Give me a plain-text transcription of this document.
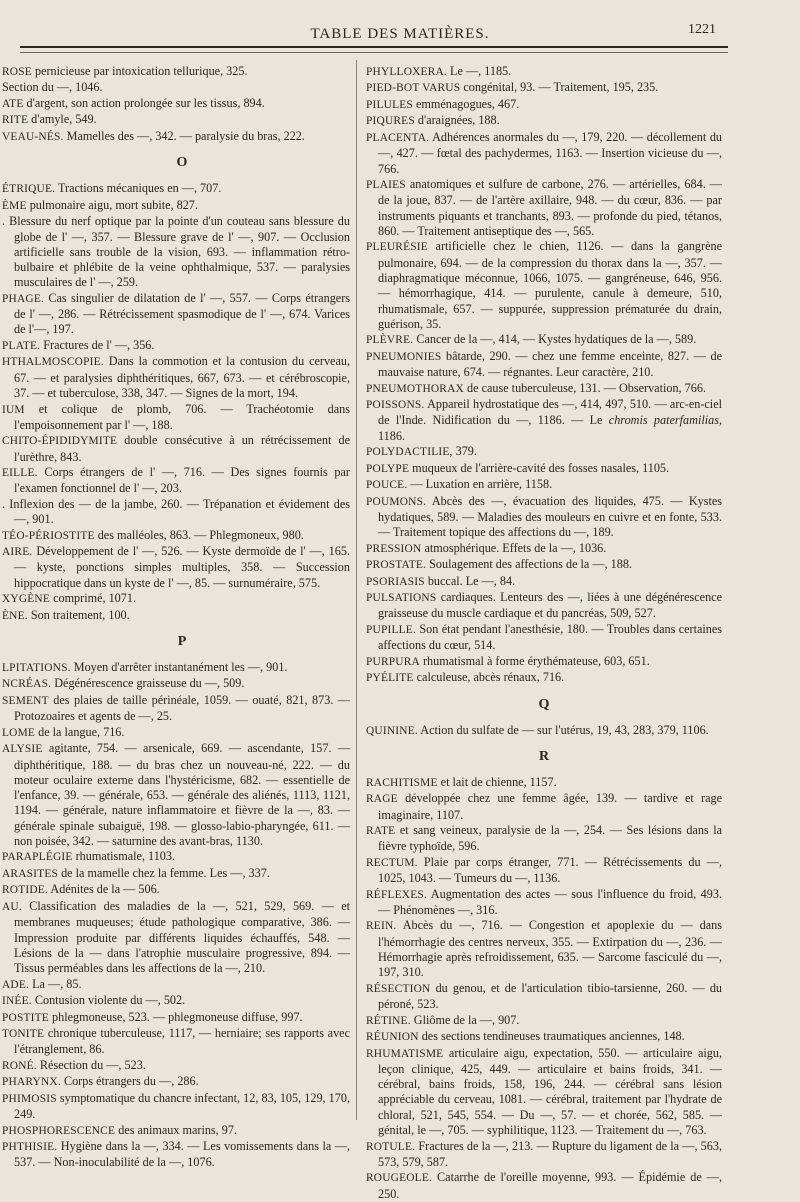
TABLE DES MATIÈRES.	1221

ROSE pernicieuse par intoxication tellurique, 325.

Section du —, 1046.

ATE d'argent, son action prolongée sur les tissus, 894.

RITE d'amyle, 549.

VEAU-NÉS. Mamelles des —, 342. — paralysie du bras, 222.

O

ÉTRIQUE. Tractions mécaniques en —, 707.

ÈME pulmonaire aigu, mort subite, 827.

. Blessure du nerf optique par la pointe d'un couteau sans blessure du globe de l' —, 357. — Blessure grave de l' —, 907. — Occlusion artificielle sans trouble de la vision, 693. — inflammation rétro-bulbaire et phlébite de la veine ophthalmique, 537. — paralysies musculaires de l' —, 259.

PHAGE. Cas singulier de dilatation de l' —, 557. — Corps étrangers de l' —, 286. — Rétrécissement spasmodique de l' —, 674. Varices de l'—, 197.

PLATE. Fractures de l' —, 356.

HTHALMOSCOPIE. Dans la commotion et la contusion du cerveau, 67. — et paralysies diphthéritiques, 667, 673. — et cérébroscopie, 37. — et tuberculose, 338, 347. — Signes de la mort, 194.

IUM et colique de plomb, 706. — Trachéotomie dans l'empoisonnement par l' —, 188.

CHITO-ÉPIDIDYMITE double consécutive à un rétrécissement de l'urèthre, 843.

EILLE. Corps étrangers de l' —, 716. — Des signes fournis par l'examen fonctionnel de l' —, 203.

. Inflexion des — de la jambe, 260. — Trépanation et évidement des —, 901.

TÉO-PÉRIOSTITE des malléoles, 863. — Phlegmoneux, 980.

AIRE. Développement de l' —, 526. — Kyste dermoïde de l' —, 165. — kyste, ponctions simples multiples, 358. — Succession hippocratique dans un kyste de l' —, 85. — surnuméraire, 575.

XYGÈNE comprimé, 1071.

ÈNE. Son traitement, 100.

P

LPITATIONS. Moyen d'arrêter instantanément les —, 901.

NCRÉAS. Dégénérescence graisseuse du —, 509.

SEMENT des plaies de taille périnéale, 1059. — ouaté, 821, 873. — Protozoaires et agents de —, 25.

LOME de la langue, 716.

ALYSIE agitante, 754. — arsenicale, 669. — ascendante, 157. — diphthéritique, 188. — du bras chez un nouveau-né, 222. — du moteur oculaire externe dans l'hystéricisme, 682. — essentielle de l'enfance, 39. — générale, 653. — générale des aliénés, 1113, 1121, 1194. — générale, nature inflammatoire et fièvre de la —, 83. — générale spinale subaiguë, 198. — glosso-labio-pharyngée, 611. — non poisée, 342. — saturnine des avant-bras, 1130.

PARAPLÉGIE rhumatismale, 1103.

ARASITES de la mamelle chez la femme. Les —, 337.

ROTIDE. Adénites de la — 506.

AU. Classification des maladies de la —, 521, 529, 569. — et membranes muqueuses; étude pathologique comparative, 386. — Impression produite par différents liquides échauffés, 548. — Lésions de la — dans l'atrophie musculaire progressive, 894. — Tissus perméables dans les affections de la —, 210.

ADE. La —, 85.

INÉE. Contusion violente du —, 502.

POSTITE phlegmoneuse, 523. — phlegmoneuse diffuse, 997.

TONITE chronique tuberculeuse, 1117, — herniaire; ses rapports avec l'étranglement, 86.

RONÉ. Résection du —, 523.

PHARYNX. Corps étrangers du —, 286.

PHIMOSIS symptomatique du chancre infectant, 12, 83, 105, 129, 170, 249.

PHOSPHORESCENCE des animaux marins, 97.

PHTHISIE. Hygiène dans la —, 334. — Les vomissements dans la —, 537. — Non-inoculabilité de la —, 1076.

PHYLLOXERA. Le —, 1185.

PIED-BOT VARUS congénital, 93. — Traitement, 195, 235.

PILULES emménagogues, 467.

PIQURES d'araignées, 188.

PLACENTA. Adhérences anormales du —, 179, 220. — décollement du —, 427. — fœtal des pachydermes, 1163. — Insertion vicieuse du —, 766.

PLAIES anatomiques et sulfure de carbone, 276. — artérielles, 684. — de la joue, 837. — de l'artère axillaire, 948. — du cœur, 836. — par instruments piquants et tranchants, 893. — profonde du pied, tétanos, 860. — Traitement antiseptique des —, 565.

PLEURÉSIE artificielle chez le chien, 1126. — dans la gangrène pulmonaire, 694. — de la compression du thorax dans la —, 357. — diaphragmatique méconnue, 1066, 1075. — gangréneuse, 646, 956. — hémorrhagique, 414. — purulente, canule à demeure, 510, rhumatismale, 657. — suppurée, suppression prématurée du drain, guérison, 35.

PLÈVRE. Cancer de la —, 414, — Kystes hydatiques de la —, 589.

PNEUMONIES bâtarde, 290. — chez une femme enceinte, 827. — de mauvaise nature, 674. — régnantes. Leur caractère, 210.

PNEUMOTHORAX de cause tuberculeuse, 131. — Observation, 766.

POISSONS. Appareil hydrostatique des —, 414, 497, 510. — arc-en-ciel de l'Inde. Nidification du —, 1186. — Le chromis paterfamilias, 1186.

POLYDACTILIE, 379.

POLYPE muqueux de l'arrière-cavité des fosses nasales, 1105.

POUCE. — Luxation en arrière, 1158.

POUMONS. Abcès des —, évacuation des liquides, 475. — Kystes hydatiques, 589. — Maladies des mouleurs en cuivre et en fonte, 533. — Traitement topique des affections du —, 189.

PRESSION atmosphérique. Effets de la —, 1036.

PROSTATE. Soulagement des affections de la —, 188.

PSORIASIS buccal. Le —, 84.

PULSATIONS cardiaques. Lenteurs des —, liées à une dégénérescence graisseuse du muscle cardiaque et du pancréas, 509, 527.

PUPILLE. Son état pendant l'anesthésie, 180. — Troubles dans certaines affections du cœur, 514.

PURPURA rhumatismal à forme érythémateuse, 603, 651.

PYÉLITE calculeuse, abcès rénaux, 716.

Q

QUININE. Action du sulfate de — sur l'utérus, 19, 43, 283, 379, 1106.

R

RACHITISME et lait de chienne, 1157.

RAGE développée chez une femme âgée, 139. — tardive et rage imaginaire, 1107.

RATE et sang veineux, paralysie de la —, 254. — Ses lésions dans la fièvre typhoïde, 596.

RECTUM. Plaie par corps étranger, 771. — Rétrécissements du —, 1025, 1043. — Tumeurs du —, 1136.

RÉFLEXES. Augmentation des actes — sous l'influence du froid, 493. — Phénomènes —, 316.

REIN. Abcès du —, 716. — Congestion et apoplexie du — dans l'hémorrhagie des centres nerveux, 355. — Extirpation du —, 236. — Hémorrhagie après refroidissement, 635. — Sarcome fasciculé du —, 197, 310.

RÉSECTION du genou, et de l'articulation tibio-tarsienne, 260. — du péroné, 523.

RÉTINE. Gliôme de la —, 907.

RÉUNION des sections tendineuses traumatiques anciennes, 148.

RHUMATISME articulaire aigu, expectation, 550. — articulaire aigu, leçon clinique, 425, 449. — articulaire et bains froids, 341. — cérébral, bains froids, 158, 196, 244. — cérébral sans lésion appréciable du cerveau, 1081. — cérébral, traitement par l'hydrate de chloral, 521, 545, 554. — Du —, 57. — et chorée, 562, 585. — génital, le —, 705. — syphilitique, 1123. — Traitement du —, 763.

ROTULE. Fractures de la —, 213. — Rupture du ligament de la —, 563, 573, 579, 587.

ROUGEOLE. Catarrhe de l'oreille moyenne, 993. — Épidémie de —, 250.
